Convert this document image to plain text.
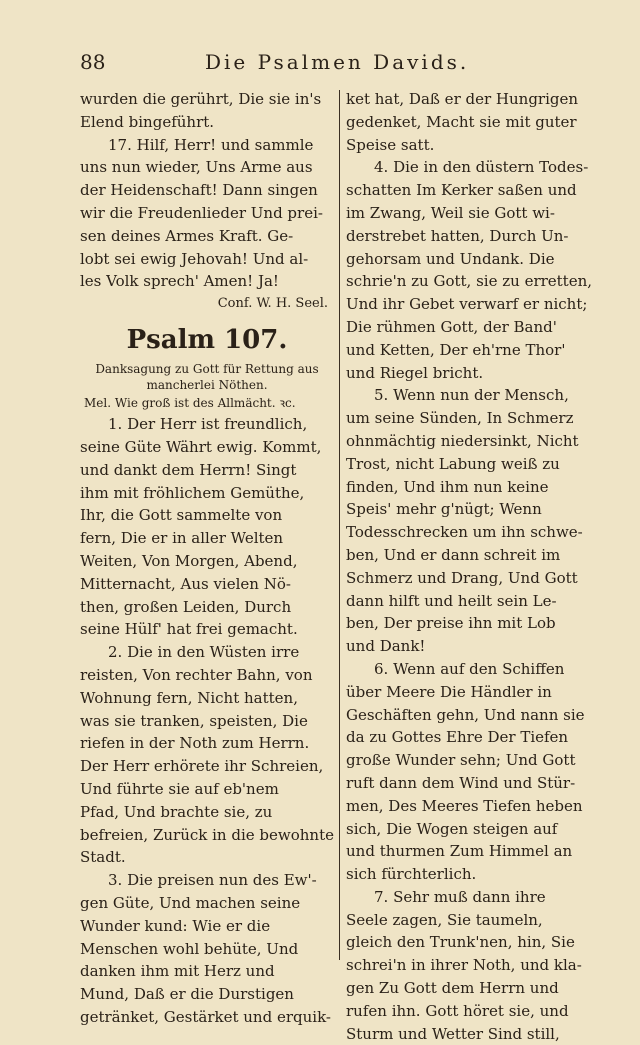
88	Die Psalmen Davids.
wurden die gerührt, Die sie in's
Elend bingeführt.
17. Hilf, Herr! und sammle
uns nun wieder, Uns Arme aus
der Heidenschaft! Dann singen
wir die Freudenlieder Und prei-
sen deines Armes Kraft. Ge-
lobt sei ewig Jehovah! Und al-
les Volk sprech' Amen! Ja!
Conf. W. H. Seel.
Psalm 107.
Danksagung zu Gott für Rettung aus
mancherlei Nöthen.
Mel. Wie groß ist des Allmächt. ꝛc.
1. Der Herr ist freundlich,
seine Güte Währt ewig. Kommt,
und dankt dem Herrn! Singt
ihm mit fröhlichem Gemüthe,
Ihr, die Gott sammelte von
fern, Die er in aller Welten
Weiten, Von Morgen, Abend,
Mitternacht, Aus vielen Nö-
then, großen Leiden, Durch
seine Hülf' hat frei gemacht.
2. Die in den Wüsten irre
reisten, Von rechter Bahn, von
Wohnung fern, Nicht hatten,
was sie tranken, speisten, Die
riefen in der Noth zum Herrn.
Der Herr erhörete ihr Schreien,
Und führte sie auf eb'nem
Pfad, Und brachte sie, zu
befreien, Zurück in die bewohnte
Stadt.
3. Die preisen nun des Ew'-
gen Güte, Und machen seine
Wunder kund: Wie er die
Menschen wohl behüte, Und
danken ihm mit Herz und
Mund, Daß er die Durstigen
getränket, Gestärket und erquik-
ket hat, Daß er der Hungrigen
gedenket, Macht sie mit guter
Speise satt.
4. Die in den düstern Todes-
schatten Im Kerker saßen und
im Zwang, Weil sie Gott wi-
derstrebet hatten, Durch Un-
gehorsam und Undank. Die
schrie'n zu Gott, sie zu erretten,
Und ihr Gebet verwarf er nicht;
Die rühmen Gott, der Band'
und Ketten, Der eh'rne Thor'
und Riegel bricht.
5. Wenn nun der Mensch,
um seine Sünden, In Schmerz
ohnmächtig niedersinkt, Nicht
Trost, nicht Labung weiß zu
finden, Und ihm nun keine
Speis' mehr g'nügt; Wenn
Todesschrecken um ihn schwe-
ben, Und er dann schreit im
Schmerz und Drang, Und Gott
dann hilft und heilt sein Le-
ben, Der preise ihn mit Lob
und Dank!
6. Wenn auf den Schiffen
über Meere Die Händler in
Geschäften gehn, Und nann sie
da zu Gottes Ehre Der Tiefen
große Wunder sehn; Und Gott
ruft dann dem Wind und Stür-
men, Des Meeres Tiefen heben
sich, Die Wogen steigen auf
und thurmen Zum Himmel an
sich fürchterlich.
7. Sehr muß dann ihre
Seele zagen, Sie taumeln,
gleich den Trunk'nen, hin, Sie
schrei'n in ihrer Noth, und kla-
gen Zu Gott dem Herrn und
rufen ihn. Gott höret sie, und
Sturm und Wetter Sind still,
